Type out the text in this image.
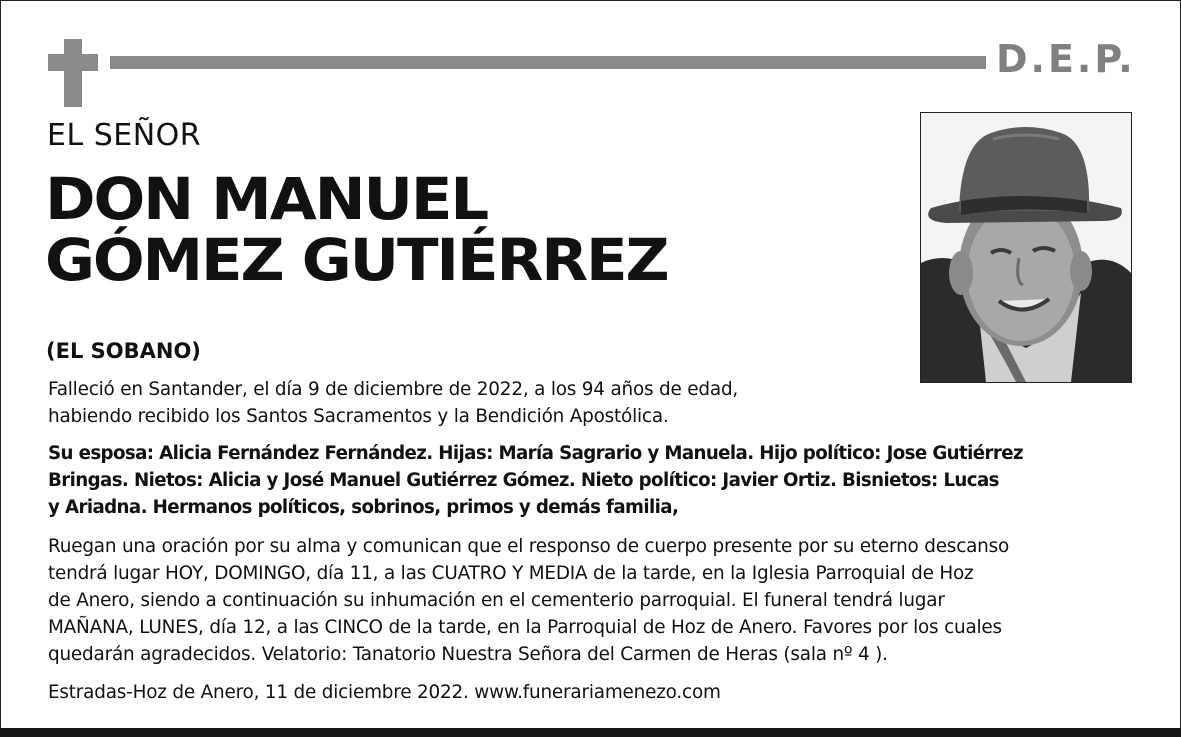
D.E.P.
EL SEÑOR
DON MANUEL
GÓMEZ GUTIÉRREZ
(EL SOBANO)
Falleció en Santander, el día 9 de diciembre de 2022, a los 94 años de edad,
habiendo recibido los Santos Sacramentos y la Bendición Apostólica.
Su esposa: Alicia Fernández Fernández. Hijas: María Sagrario y Manuela. Hijo político: Jose Gutiérrez
Bringas. Nietos: Alicia y José Manuel Gutiérrez Gómez. Nieto político: Javier Ortiz. Bisnietos: Lucas
y Ariadna. Hermanos políticos, sobrinos, primos y demás familia,
Ruegan una oración por su alma y comunican que el responso de cuerpo presente por su eterno descanso
tendrá lugar HOY, DOMINGO, día 11, a las CUATRO Y MEDIA de la tarde, en la Iglesia Parroquial de Hoz
de Anero, siendo a continuación su inhumación en el cementerio parroquial. El funeral tendrá lugar
MAÑANA, LUNES, día 12, a las CINCO de la tarde, en la Parroquial de Hoz de Anero. Favores por los cuales
quedarán agradecidos. Velatorio: Tanatorio Nuestra Señora del Carmen de Heras (sala nº 4 ).
Estradas-Hoz de Anero, 11 de diciembre 2022. www.funerariamenezo.com
